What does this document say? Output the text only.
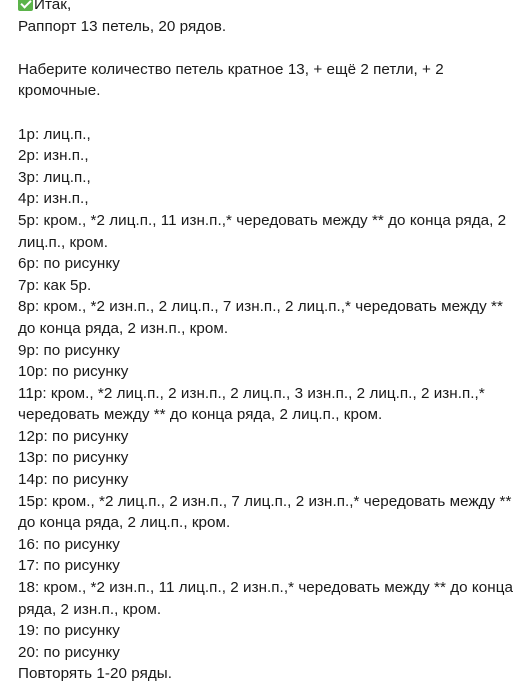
Итак,
Раппорт 13 петель, 20 рядов.
Наберите количество петель кратное 13, + ещё 2 петли, + 2 кромочные.
1р: лиц.п.,
2р: изн.п.,
3р: лиц.п.,
4р: изн.п.,
5р: кром., *2 лиц.п., 11 изн.п.,* чередовать между ** до конца ряда, 2 лиц.п., кром.
6р: по рисунку
7р: как 5р.
8р: кром., *2 изн.п., 2 лиц.п., 7 изн.п., 2 лиц.п.,* чередовать между ** до конца ряда, 2 изн.п., кром.
9р: по рисунку
10р: по рисунку
11р: кром., *2 лиц.п., 2 изн.п., 2 лиц.п., 3 изн.п., 2 лиц.п., 2 изн.п.,* чередовать между ** до конца ряда, 2 лиц.п., кром.
12р: по рисунку
13р: по рисунку
14р: по рисунку
15р: кром., *2 лиц.п., 2 изн.п., 7 лиц.п., 2 изн.п.,* чередовать между ** до конца ряда, 2 лиц.п., кром.
16: по рисунку
17: по рисунку
18: кром., *2 изн.п., 11 лиц.п., 2 изн.п.,* чередовать между ** до конца ряда, 2 изн.п., кром.
19: по рисунку
20: по рисунку
Повторять 1-20 ряды.
